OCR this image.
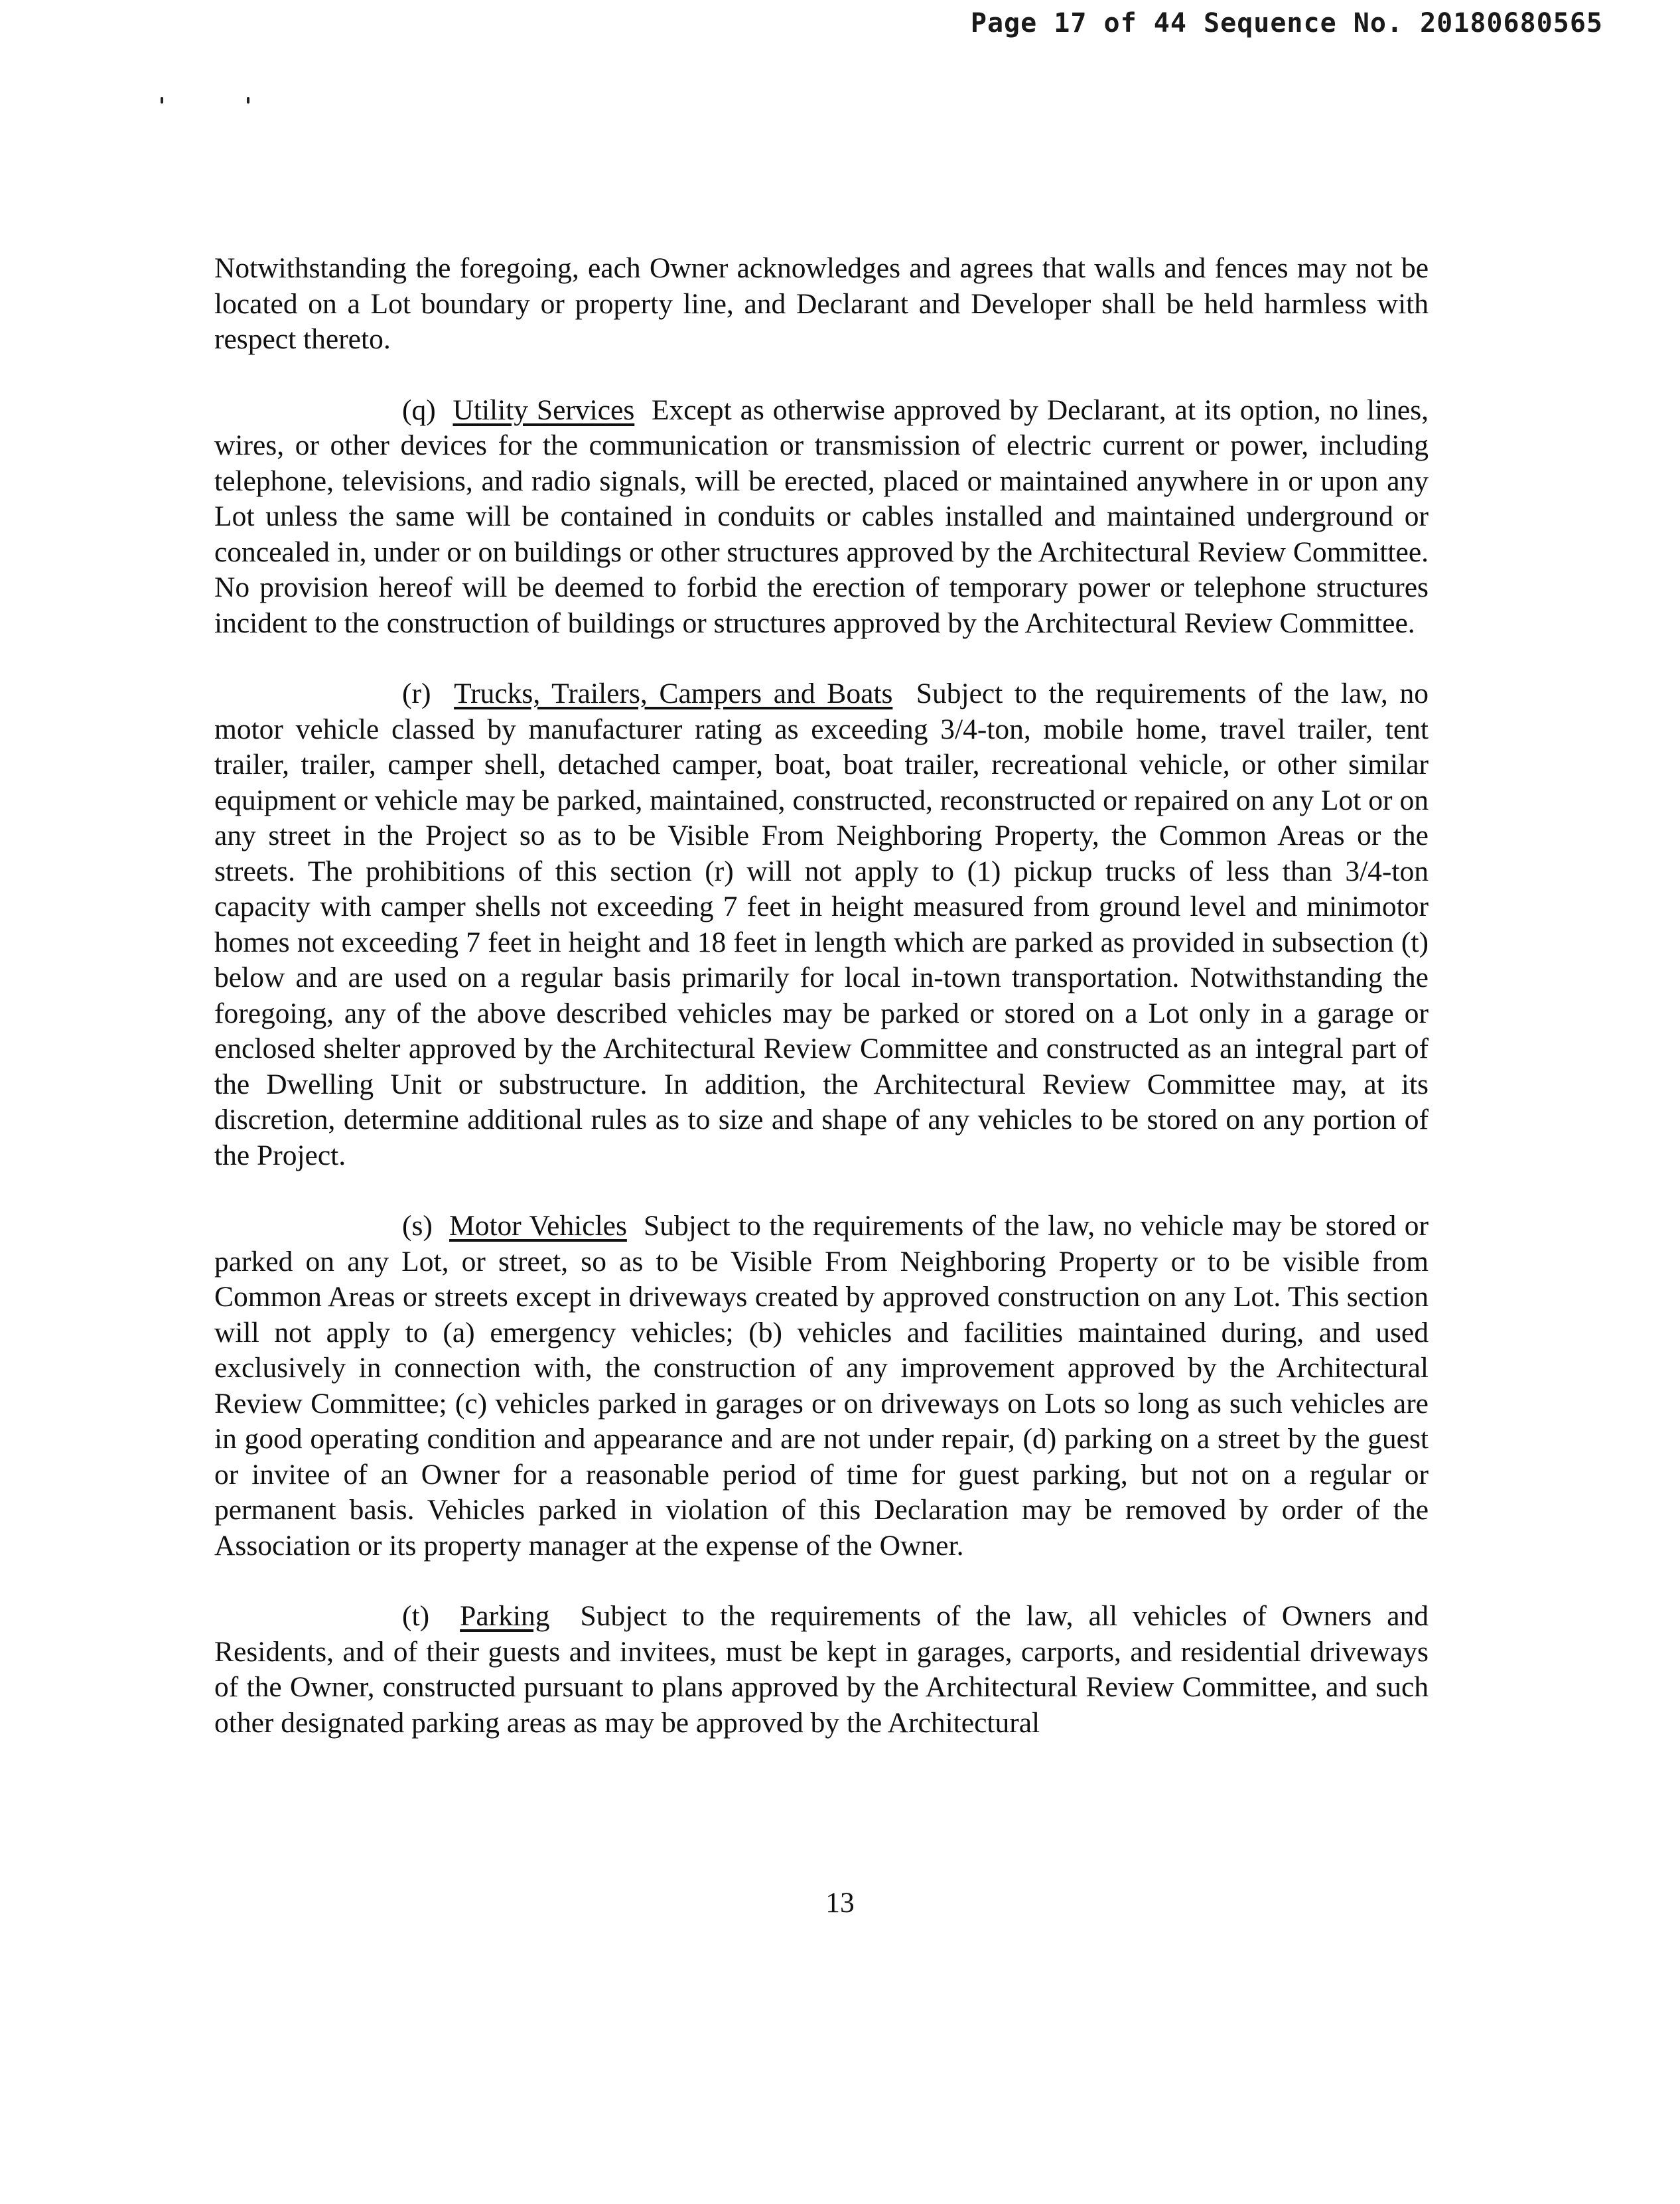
Page 17 of 44 Sequence No. 20180680565

Notwithstanding the foregoing, each Owner acknowledges and agrees that walls and fences may not be located on a Lot boundary or property line, and Declarant and Developer shall be held harmless with respect thereto.

(q) Utility Services Except as otherwise approved by Declarant, at its option, no lines, wires, or other devices for the communication or transmission of electric current or power, including telephone, televisions, and radio signals, will be erected, placed or maintained anywhere in or upon any Lot unless the same will be contained in conduits or cables installed and maintained underground or concealed in, under or on buildings or other structures approved by the Architectural Review Committee. No provision hereof will be deemed to forbid the erection of temporary power or telephone structures incident to the construction of buildings or structures approved by the Architectural Review Committee.

(r) Trucks, Trailers, Campers and Boats Subject to the requirements of the law, no motor vehicle classed by manufacturer rating as exceeding 3/4-ton, mobile home, travel trailer, tent trailer, trailer, camper shell, detached camper, boat, boat trailer, recreational vehicle, or other similar equipment or vehicle may be parked, maintained, constructed, reconstructed or repaired on any Lot or on any street in the Project so as to be Visible From Neighboring Property, the Common Areas or the streets. The prohibitions of this section (r) will not apply to (1) pickup trucks of less than 3/4-ton capacity with camper shells not exceeding 7 feet in height measured from ground level and minimotor homes not exceeding 7 feet in height and 18 feet in length which are parked as provided in subsection (t) below and are used on a regular basis primarily for local in-town transportation. Notwithstanding the foregoing, any of the above described vehicles may be parked or stored on a Lot only in a garage or enclosed shelter approved by the Architectural Review Committee and constructed as an integral part of the Dwelling Unit or substructure. In addition, the Architectural Review Committee may, at its discretion, determine additional rules as to size and shape of any vehicles to be stored on any portion of the Project.

(s) Motor Vehicles Subject to the requirements of the law, no vehicle may be stored or parked on any Lot, or street, so as to be Visible From Neighboring Property or to be visible from Common Areas or streets except in driveways created by approved construction on any Lot. This section will not apply to (a) emergency vehicles; (b) vehicles and facilities maintained during, and used exclusively in connection with, the construction of any improvement approved by the Architectural Review Committee; (c) vehicles parked in garages or on driveways on Lots so long as such vehicles are in good operating condition and appearance and are not under repair, (d) parking on a street by the guest or invitee of an Owner for a reasonable period of time for guest parking, but not on a regular or permanent basis. Vehicles parked in violation of this Declaration may be removed by order of the Association or its property manager at the expense of the Owner.

(t) Parking Subject to the requirements of the law, all vehicles of Owners and Residents, and of their guests and invitees, must be kept in garages, carports, and residential driveways of the Owner, constructed pursuant to plans approved by the Architectural Review Committee, and such other designated parking areas as may be approved by the Architectural

13
